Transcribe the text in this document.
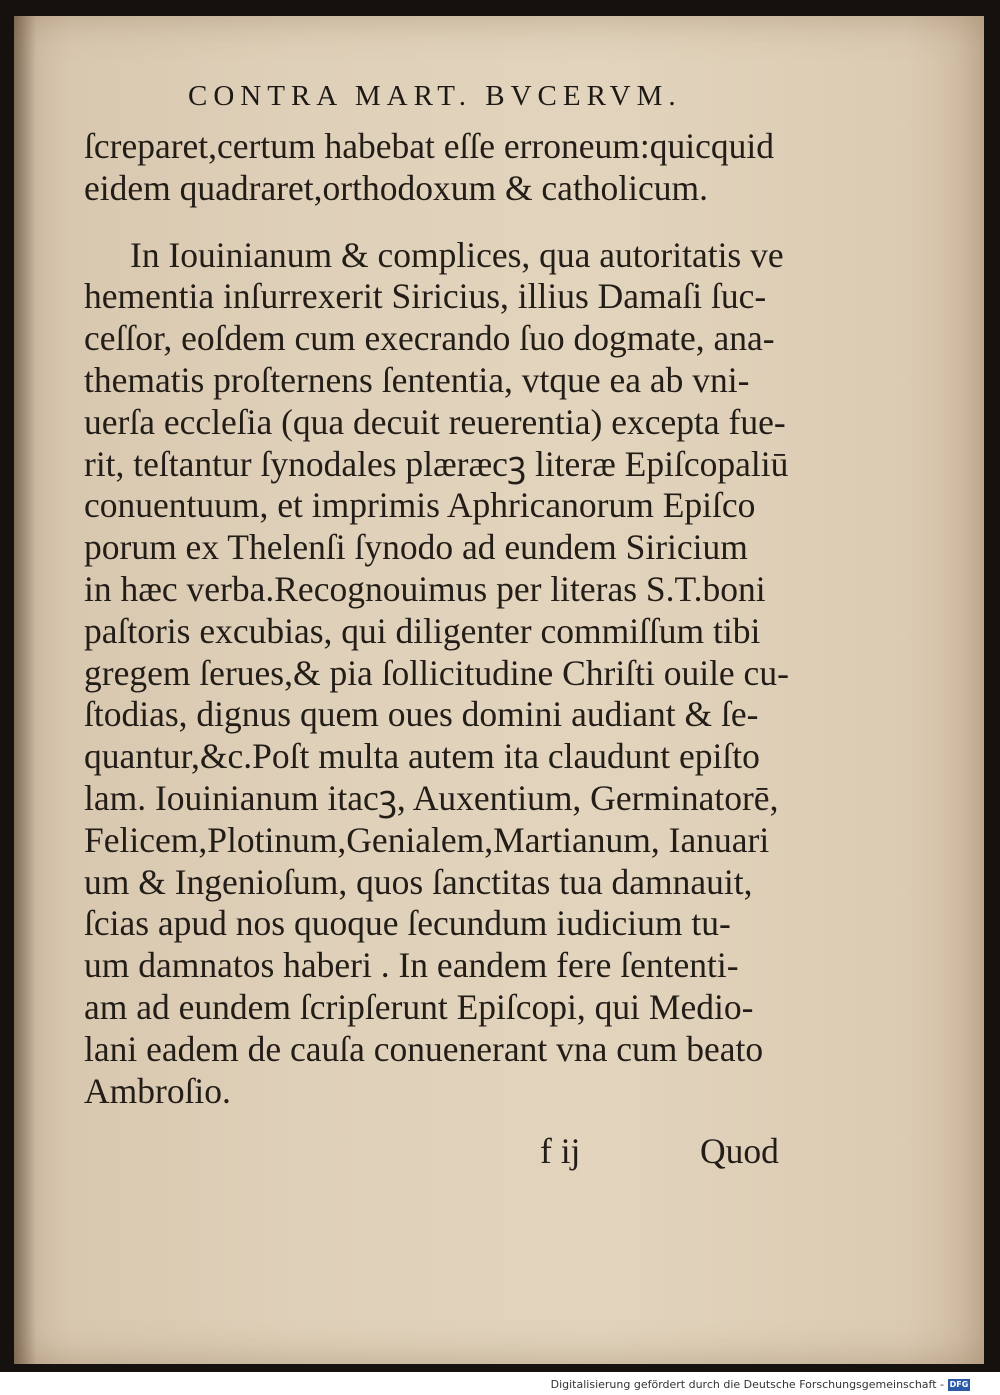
CONTRA MART. BVCERVM.
ſcreparet,certum habebat eſſe erroneum:quicquid
eidem quadraret,orthodoxum & catholicum.
In Iouinianum & complices, qua autoritatis ve
hementia inſurrexerit Siricius, illius Damaſi ſuc-
ceſſor, eoſdem cum execrando ſuo dogmate, ana-
thematis proſternens ſententia, vtque ea ab vni-
uerſa eccleſia (qua decuit reuerentia) excepta fue-
rit, teſtantur ſynodales plæræcꝫ literæ Epiſcopaliū
conuentuum, et imprimis Aphricanorum Epiſco
porum ex Thelenſi ſynodo ad eundem Siricium
in hæc verba.Recognouimus per literas S.T.boni
paſtoris excubias, qui diligenter commiſſum tibi
gregem ſerues,& pia ſollicitudine Chriſti ouile cu-
ſtodias, dignus quem oues domini audiant & ſe-
quantur,&c.Poſt multa autem ita claudunt epiſto
lam. Iouinianum itacꝫ, Auxentium, Germinatorē,
Felicem,Plotinum,Genialem,Martianum, Ianuari
um & Ingenioſum, quos ſanctitas tua damnauit,
ſcias apud nos quoque ſecundum iudicium tu-
um damnatos haberi . In eandem fere ſententi-
am ad eundem ſcripſerunt Epiſcopi, qui Medio-
lani eadem de cauſa conuenerant vna cum beato
Ambroſio.
f ij	Quod
Digitalisierung gefördert durch die Deutsche Forschungsgemeinschaft - DFG
